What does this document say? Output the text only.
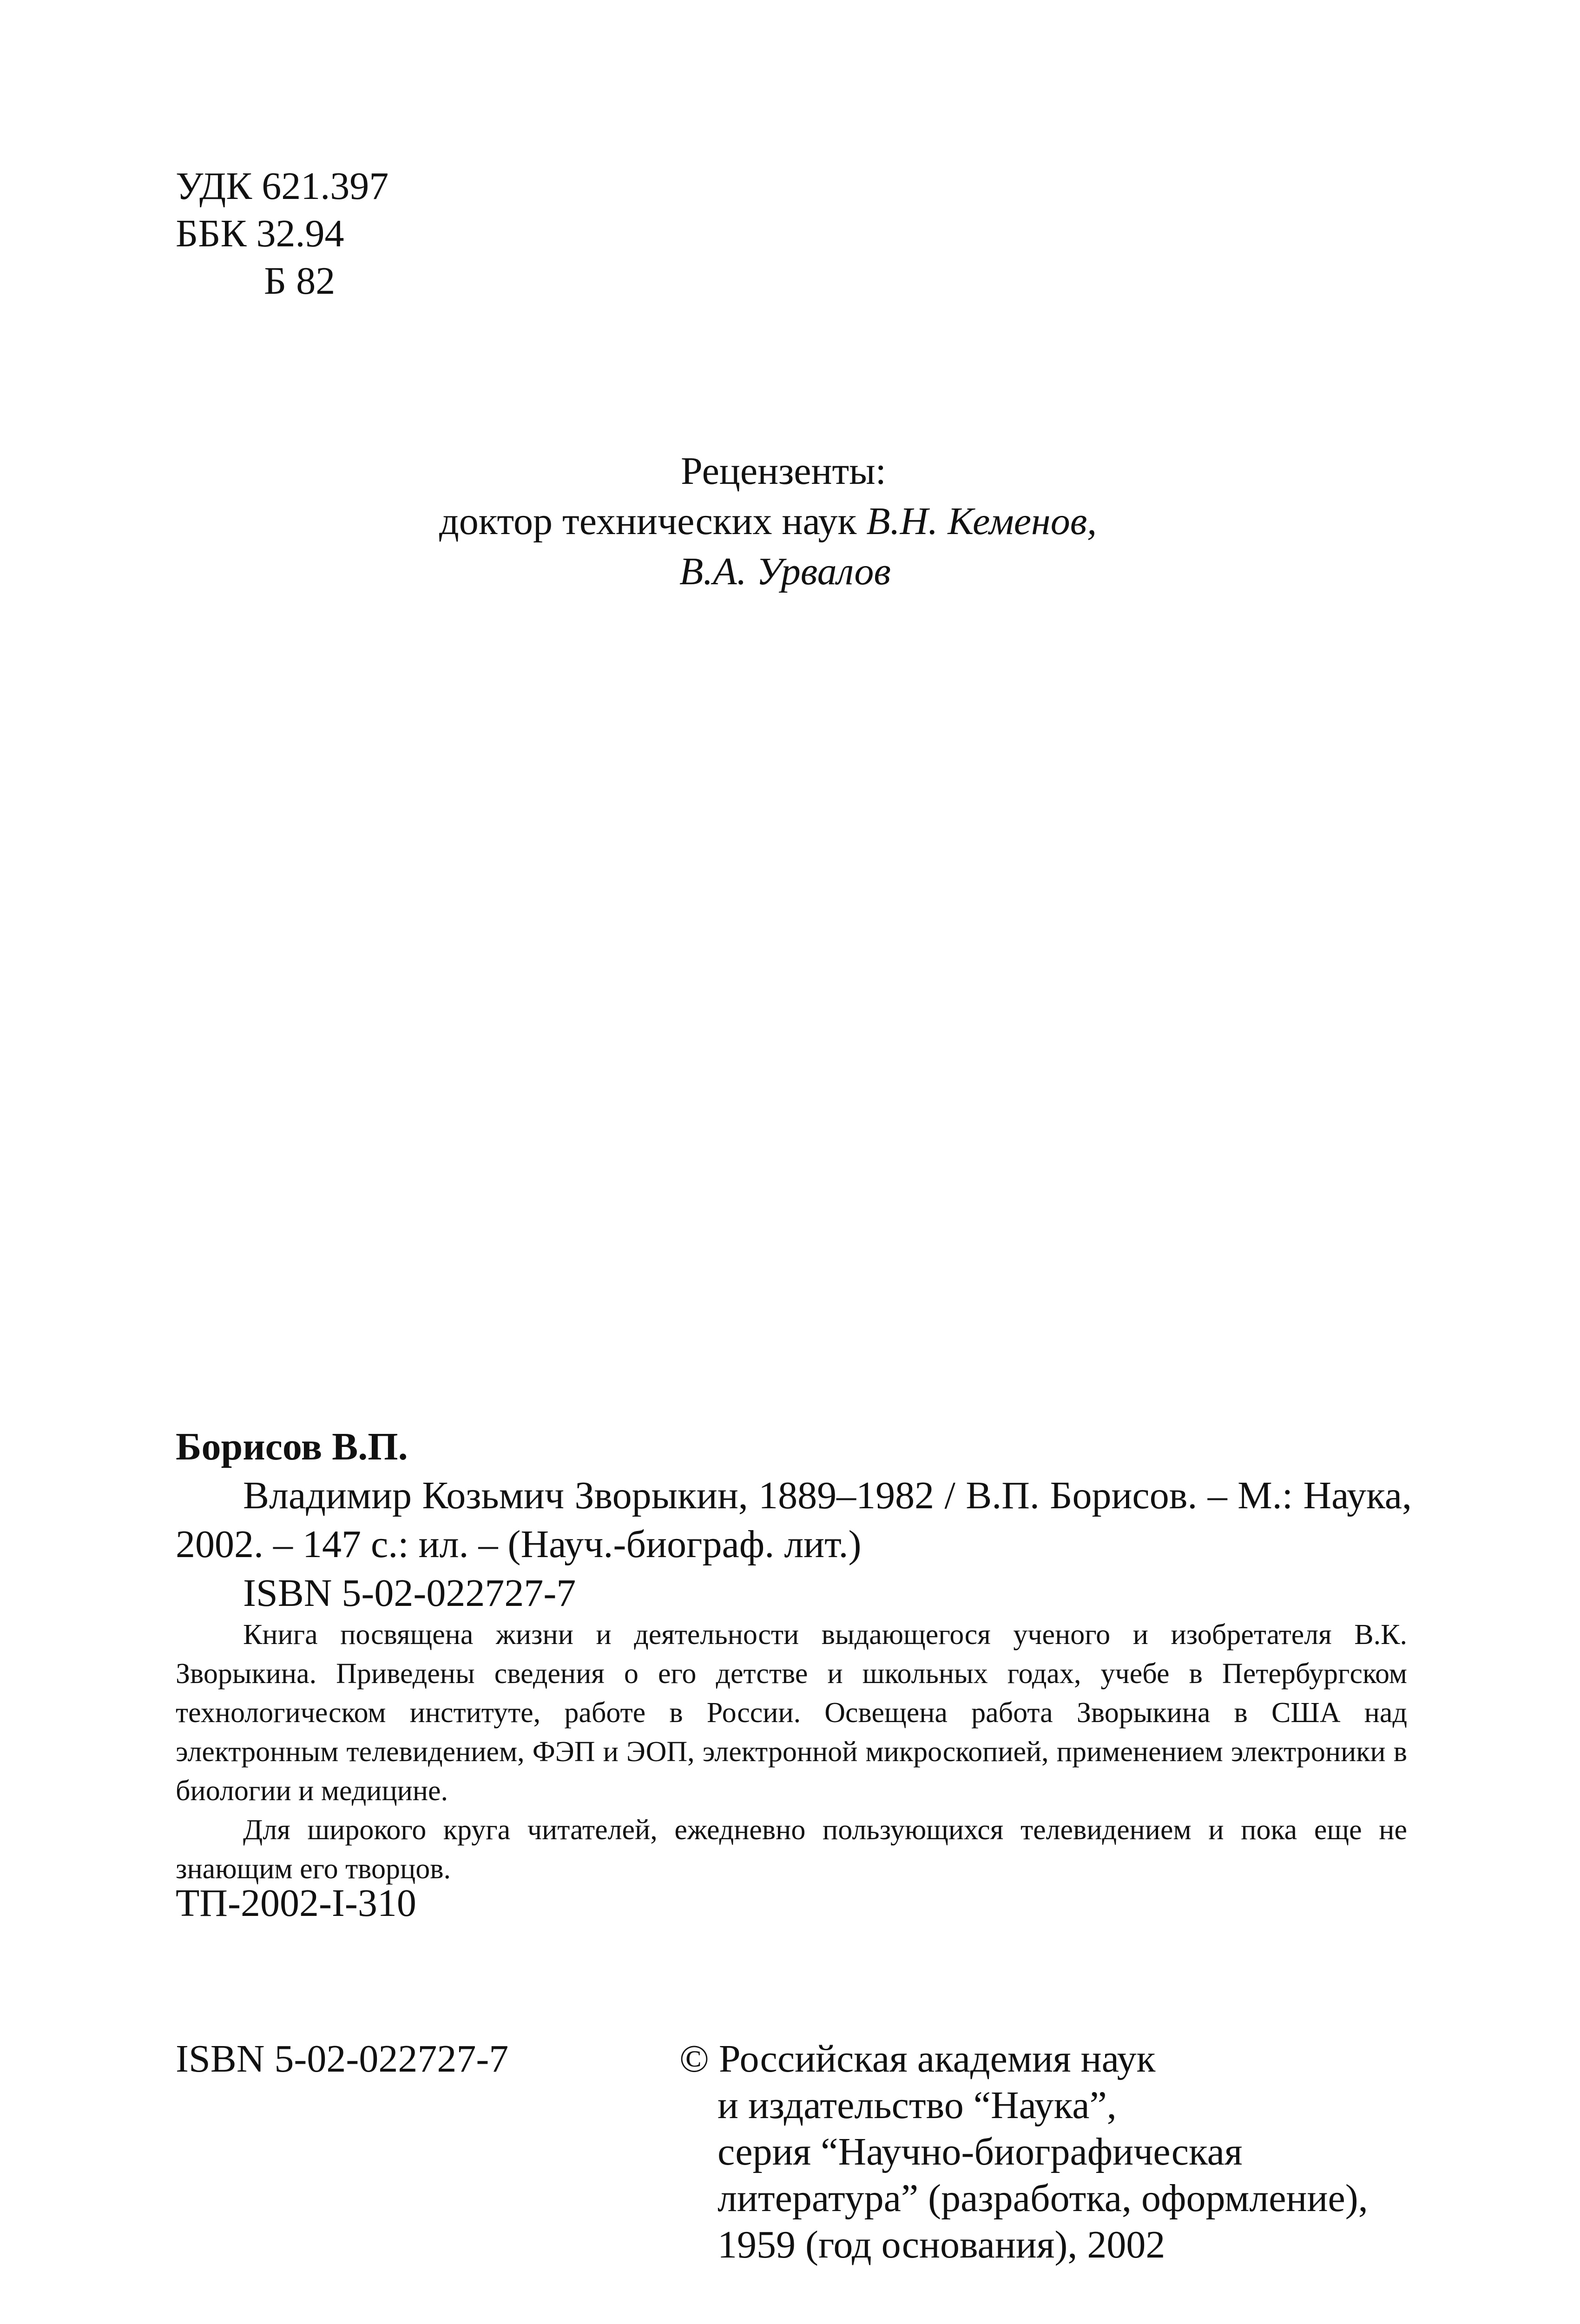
УДК 621.397
ББК 32.94
Б 82
Рецензенты:
доктор технических наук В.Н. Кеменов,
В.А. Урвалов
Борисов В.П.
Владимир Козьмич Зворыкин, 1889–1982 / В.П. Борисов. – М.: Наука, 2002. – 147 с.: ил. – (Науч.-биограф. лит.)
ISBN 5-02-022727-7

Книга посвящена жизни и деятельности выдающегося ученого и изобретателя В.К. Зворыкина. Приведены сведения о его детстве и школьных годах, учебе в Петербургском технологическом институте, работе в России. Освещена работа Зворыкина в США над электронным телевидением, ФЭП и ЭОП, электронной микроскопией, применением электроники в биологии и медицине.

Для широкого круга читателей, ежедневно пользующихся телевидением и пока еще не знающим его творцов.

ТП-2002-I-310
ISBN 5-02-022727-7	© Российская академия наук
и издательство “Наука”,
серия “Научно-биографическая
литература” (разработка, оформление),
1959 (год основания), 2002
